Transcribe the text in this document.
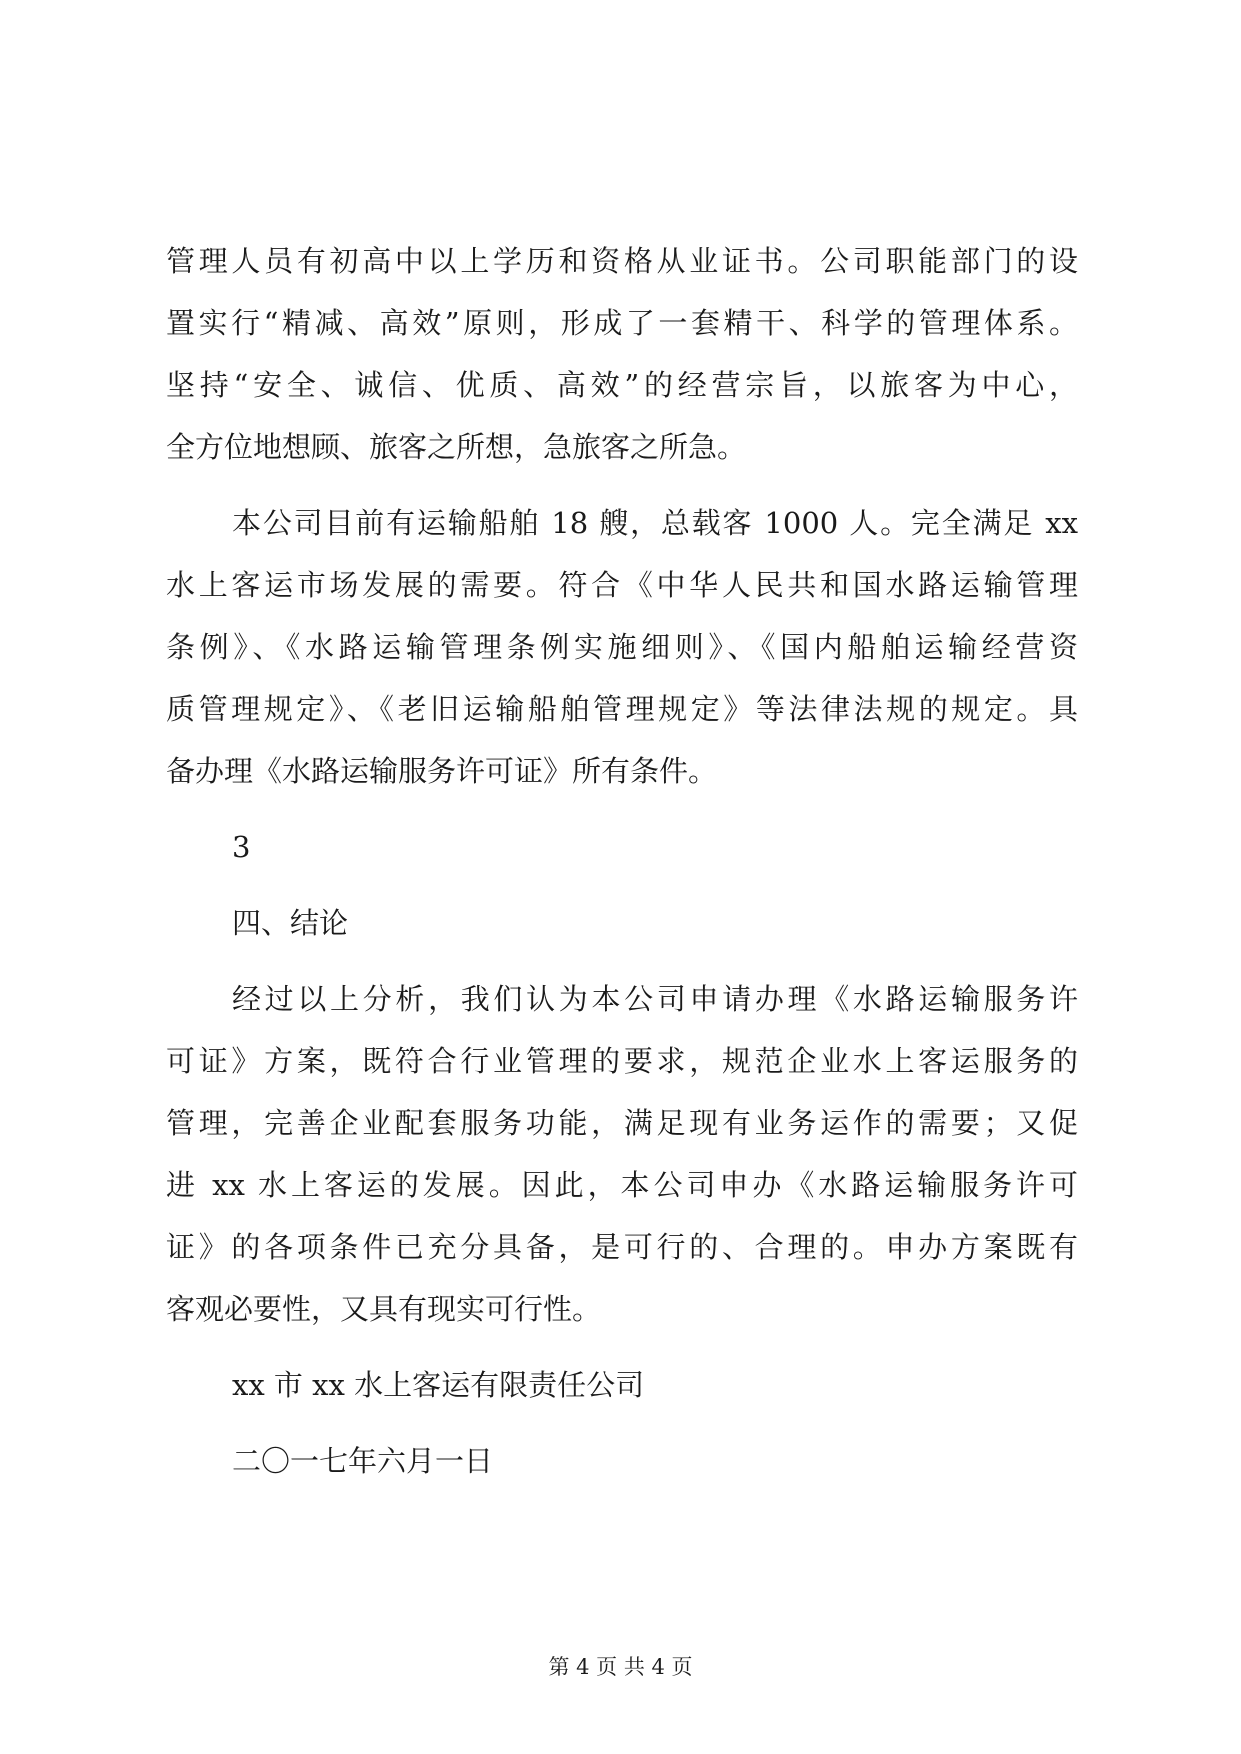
管理人员有初高中以上学历和资格从业证书。公司职能部门的设
置实行“精减、高效”原则，形成了一套精干、科学的管理体系。
坚持“安全、诚信、优质、高效”的经营宗旨，以旅客为中心，
全方位地想顾、旅客之所想，急旅客之所急。
本公司目前有运输船舶 18 艘，总载客 1000 人。完全满足 xx
水上客运市场发展的需要。符合《中华人民共和国水路运输管理
条例》、《水路运输管理条例实施细则》、《国内船舶运输经营资
质管理规定》、《老旧运输船舶管理规定》等法律法规的规定。具
备办理《水路运输服务许可证》所有条件。
3
四、结论
经过以上分析，我们认为本公司申请办理《水路运输服务许
可证》方案，既符合行业管理的要求，规范企业水上客运服务的
管理，完善企业配套服务功能，满足现有业务运作的需要；又促
进 xx 水上客运的发展。因此，本公司申办《水路运输服务许可
证》的各项条件已充分具备，是可行的、合理的。申办方案既有
客观必要性，又具有现实可行性。
xx 市 xx 水上客运有限责任公司
二〇一七年六月一日
第 4 页 共 4 页
